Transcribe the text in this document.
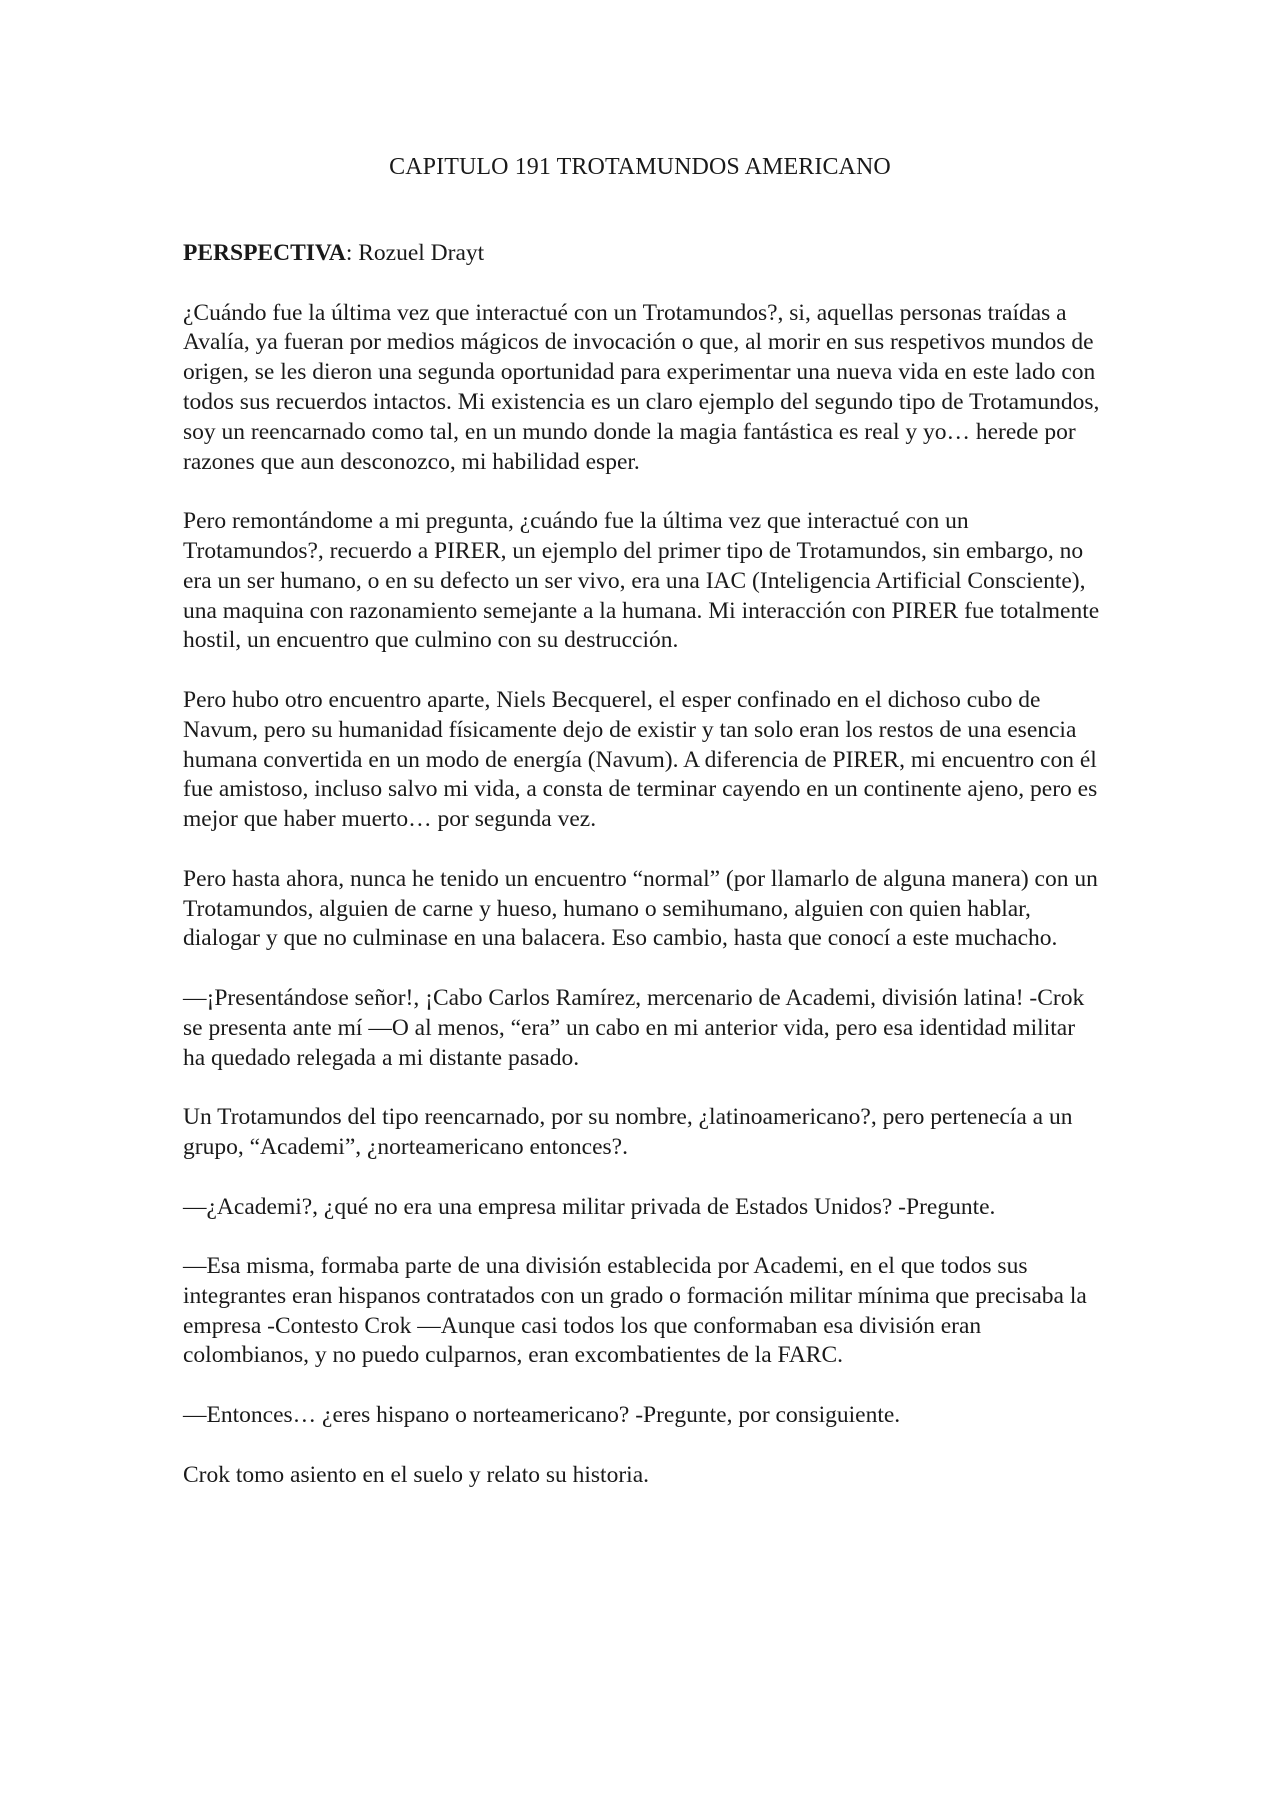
CAPITULO 191 TROTAMUNDOS AMERICANO

PERSPECTIVA: Rozuel Drayt

¿Cuándo fue la última vez que interactué con un Trotamundos?, si, aquellas personas traídas a Avalía, ya fueran por medios mágicos de invocación o que, al morir en sus respetivos mundos de origen, se les dieron una segunda oportunidad para experimentar una nueva vida en este lado con todos sus recuerdos intactos. Mi existencia es un claro ejemplo del segundo tipo de Trotamundos, soy un reencarnado como tal, en un mundo donde la magia fantástica es real y yo… herede por razones que aun desconozco, mi habilidad esper.

Pero remontándome a mi pregunta, ¿cuándo fue la última vez que interactué con un Trotamundos?, recuerdo a PIRER, un ejemplo del primer tipo de Trotamundos, sin embargo, no era un ser humano, o en su defecto un ser vivo, era una IAC (Inteligencia Artificial Consciente), una maquina con razonamiento semejante a la humana. Mi interacción con PIRER fue totalmente hostil, un encuentro que culmino con su destrucción.

Pero hubo otro encuentro aparte, Niels Becquerel, el esper confinado en el dichoso cubo de Navum, pero su humanidad físicamente dejo de existir y tan solo eran los restos de una esencia humana convertida en un modo de energía (Navum). A diferencia de PIRER, mi encuentro con él fue amistoso, incluso salvo mi vida, a consta de terminar cayendo en un continente ajeno, pero es mejor que haber muerto… por segunda vez.

Pero hasta ahora, nunca he tenido un encuentro “normal” (por llamarlo de alguna manera) con un Trotamundos, alguien de carne y hueso, humano o semihumano, alguien con quien hablar, dialogar y que no culminase en una balacera. Eso cambio, hasta que conocí a este muchacho.

—¡Presentándose señor!, ¡Cabo Carlos Ramírez, mercenario de Academi, división latina! -Crok se presenta ante mí —O al menos, “era” un cabo en mi anterior vida, pero esa identidad militar ha quedado relegada a mi distante pasado.

Un Trotamundos del tipo reencarnado, por su nombre, ¿latinoamericano?, pero pertenecía a un grupo, “Academi”, ¿norteamericano entonces?.

—¿Academi?, ¿qué no era una empresa militar privada de Estados Unidos? -Pregunte.

—Esa misma, formaba parte de una división establecida por Academi, en el que todos sus integrantes eran hispanos contratados con un grado o formación militar mínima que precisaba la empresa -Contesto Crok —Aunque casi todos los que conformaban esa división eran colombianos, y no puedo culparnos, eran excombatientes de la FARC.

—Entonces… ¿eres hispano o norteamericano? -Pregunte, por consiguiente.

Crok tomo asiento en el suelo y relato su historia.
